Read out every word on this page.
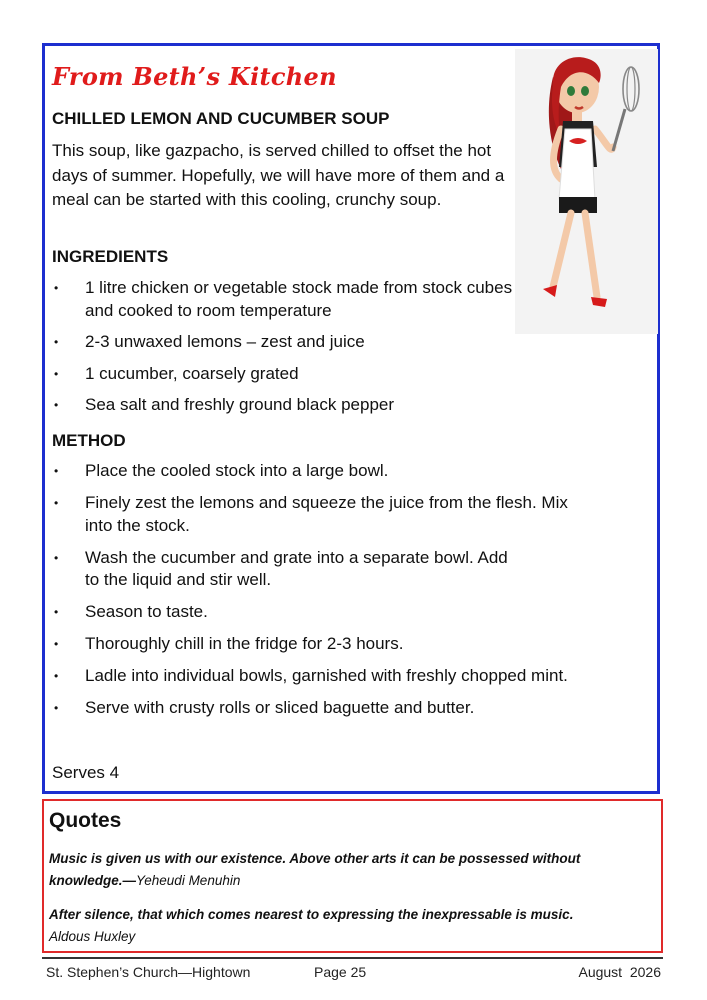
From Beth’s Kitchen
CHILLED LEMON AND CUCUMBER SOUP

This soup, like gazpacho, is served chilled to offset the hot days of summer. Hopefully, we will have more of them and a meal can be started with this cooling, crunchy soup.

INGREDIENTS
• 1 litre chicken or vegetable stock made from stock cubes and cooked to room temperature
• 2-3 unwaxed lemons – zest and juice
• 1 cucumber, coarsely grated
• Sea salt and freshly ground black pepper
METHOD
• Place the cooled stock into a large bowl.
• Finely zest the lemons and squeeze the juice from the flesh. Mix into the stock.
• Wash the cucumber and grate into a separate bowl. Add to the liquid and stir well.
• Season to taste.
• Thoroughly chill in the fridge for 2-3 hours.
• Ladle into individual bowls, garnished with freshly chopped mint.
• Serve with crusty rolls or sliced baguette and butter.

Serves 4

Quotes

Music is given us with our existence. Above other arts it can be possessed without knowledge.—Yeheudi Menuhin

After silence, that which comes nearest to expressing the inexpressable is music.
Aldous Huxley

St. Stephen’s Church—Hightown	Page 25	August  2026
